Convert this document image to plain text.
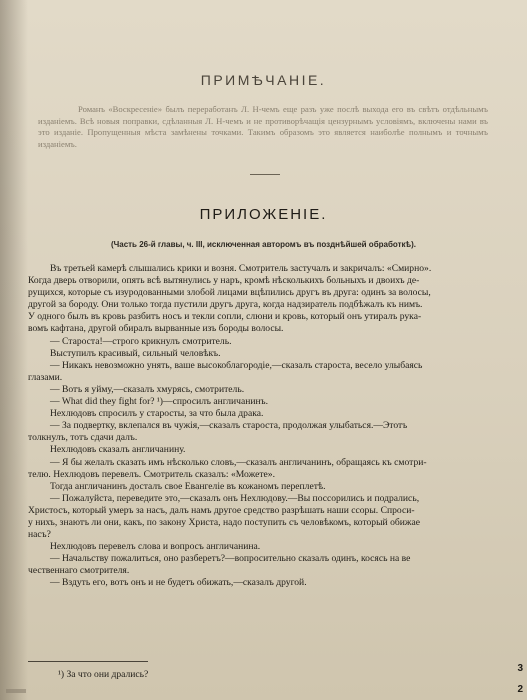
ПРИМѢЧАНІЕ.
Романъ «Воскресеніе» былъ переработанъ Л. Н-чемъ еще разъ уже послѣ выхода его въ свѣтъ отдѣльнымъ изданіемъ. Всѣ новыя поправки, сдѣланныя Л. Н-чемъ и не противорѣчащія цензурнымъ условіямъ, включены нами въ это изданіе. Пропущенныя мѣста замѣнены точками. Такимъ образомъ это является наиболѣе полнымъ и точнымъ изданіемъ.
ПРИЛОЖЕНІЕ.
(Часть 26-й главы, ч. III, исключенная авторомъ въ позднѣйшей обработкѣ).

Въ третьей камерѣ слышались крики и возня. Смотритель застучалъ и закричалъ: «Смирно».

Когда дверь отворили, опять всѣ вытянулись у наръ, кромѣ нѣсколькихъ больныхъ и двоихъ де-

рущихся, которые съ изуродованными злобой лицами вцѣпились другъ въ друга: одинъ за волосы,

другой за бороду. Они только тогда пустили другъ друга, когда надзиратель подбѣжалъ къ нимъ.

У одного былъ въ кровь разбитъ носъ и текли сопли, слюни и кровь, который онъ утиралъ рука-

вомъ кафтана, другой обиралъ вырванные изъ бороды волосы.

— Староста!—строго крикнулъ смотритель.

Выступилъ красивый, сильный человѣкъ.

— Никакъ невозможно унять, ваше высокоблагородіе,—сказалъ староста, весело улыбаясь

глазами.

— Вотъ я уйму,—сказалъ хмурясь, смотритель.

— What did they fight for? ¹)—спросилъ англичанинъ.

Нехлюдовъ спросилъ у старосты, за что была драка.

— За подвертку, вклепался въ чужія,—сказалъ староста, продолжая улыбаться.—Этотъ

толкнулъ, тотъ сдачи далъ.

Нехлюдовъ сказалъ англичанину.

— Я бы желалъ сказать имъ нѣсколько словъ,—сказалъ англичанинъ, обращаясь къ смотри-

телю. Нехлюдовъ перевелъ. Смотритель сказалъ: «Можете».

Тогда англичанинъ досталъ свое Евангеліе въ кожаномъ переплетѣ.

— Пожалуйста, переведите это,—сказалъ онъ Нехлюдову.—Вы поссорились и подрались,

Христосъ, который умеръ за насъ, далъ намъ другое средство разрѣшать наши ссоры. Спроси-

у нихъ, знаютъ ли они, какъ, по закону Христа, надо поступить съ человѣкомъ, который обижае

насъ?

Нехлюдовъ перевелъ слова и вопросъ англичанина.

— Начальству пожалиться, оно разберетъ?—вопросительно сказалъ одинъ, косясь на ве

чественнаго смотрителя.

— Вздуть его, вотъ онъ и не будетъ обижать,—сказалъ другой.

¹) За что они дрались?
3
2
